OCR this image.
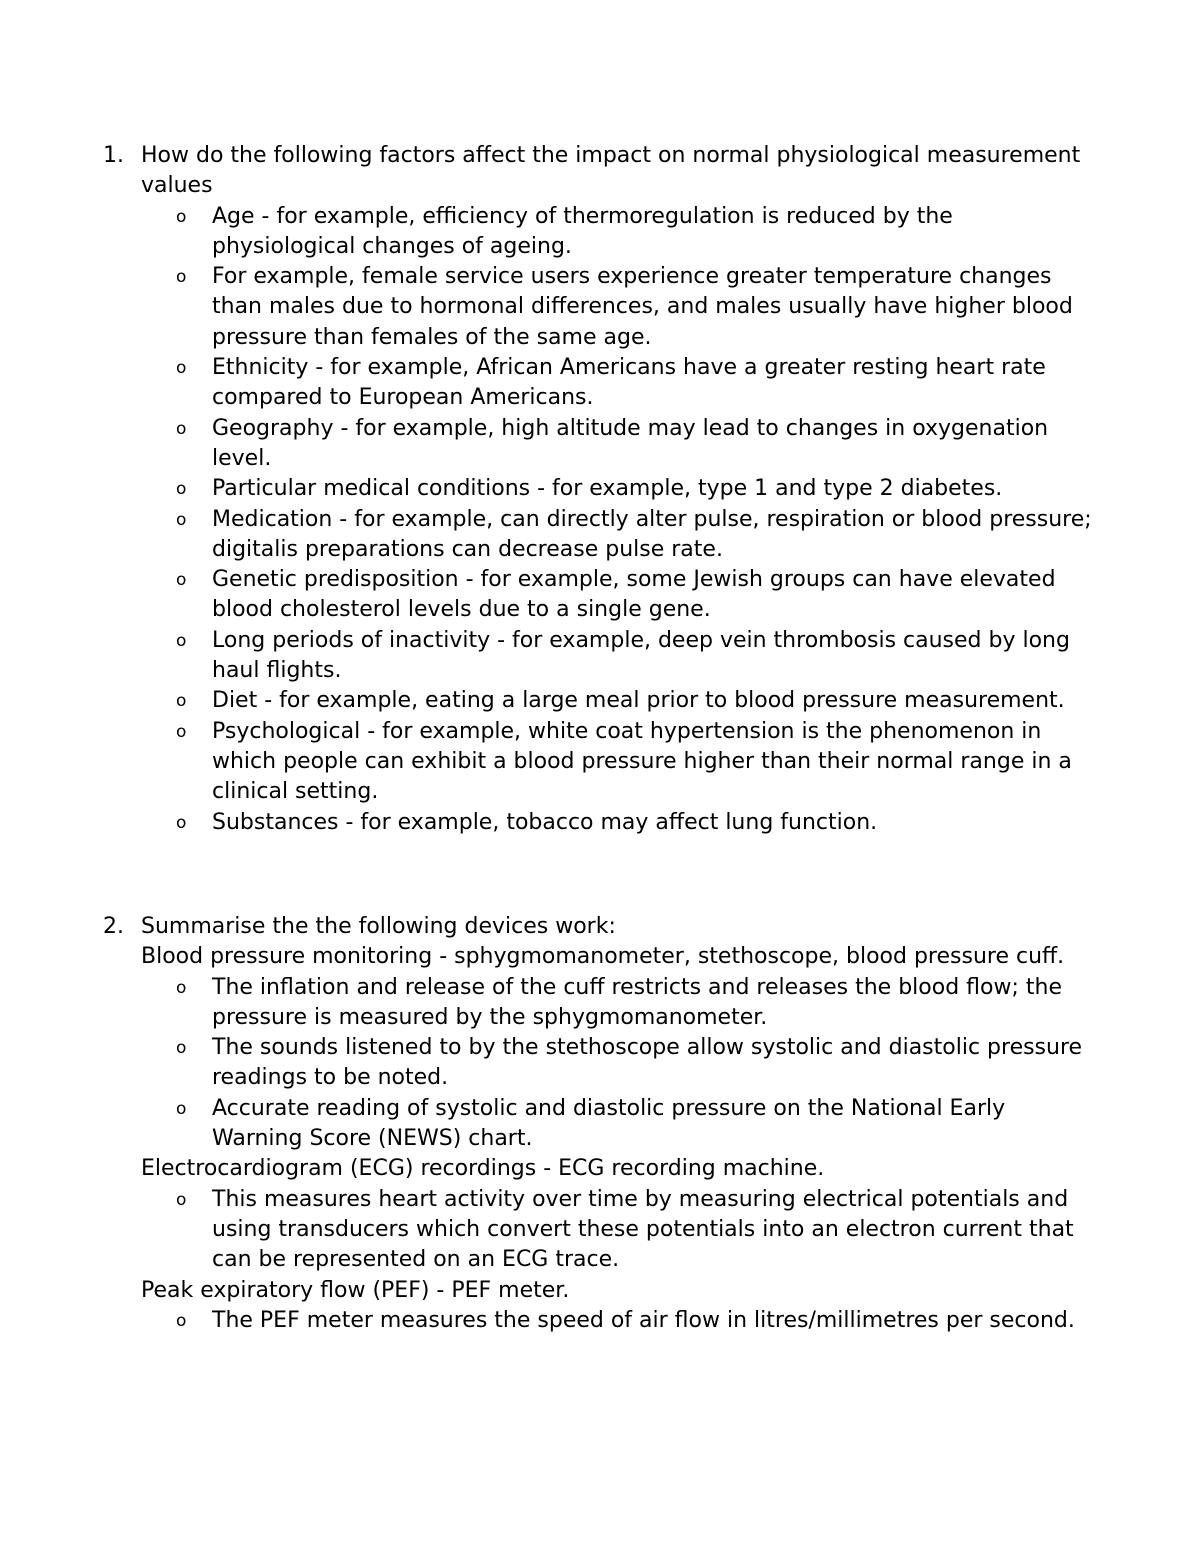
1. How do the following factors affect the impact on normal physiological measurement values
o Age - for example, efficiency of thermoregulation is reduced by the physiological changes of ageing.
o For example, female service users experience greater temperature changes than males due to hormonal differences, and males usually have higher blood pressure than females of the same age.
o Ethnicity - for example, African Americans have a greater resting heart rate compared to European Americans.
o Geography - for example, high altitude may lead to changes in oxygenation level.
o Particular medical conditions - for example, type 1 and type 2 diabetes.
o Medication - for example, can directly alter pulse, respiration or blood pressure; digitalis preparations can decrease pulse rate.
o Genetic predisposition - for example, some Jewish groups can have elevated blood cholesterol levels due to a single gene.
o Long periods of inactivity - for example, deep vein thrombosis caused by long haul flights.
o Diet - for example, eating a large meal prior to blood pressure measurement.
o Psychological - for example, white coat hypertension is the phenomenon in which people can exhibit a blood pressure higher than their normal range in a clinical setting.
o Substances - for example, tobacco may affect lung function.
2. Summarise the the following devices work:
Blood pressure monitoring - sphygmomanometer, stethoscope, blood pressure cuff.
o The inflation and release of the cuff restricts and releases the blood flow; the pressure is measured by the sphygmomanometer.
o The sounds listened to by the stethoscope allow systolic and diastolic pressure readings to be noted.
o Accurate reading of systolic and diastolic pressure on the National Early Warning Score (NEWS) chart.
Electrocardiogram (ECG) recordings - ECG recording machine.
o This measures heart activity over time by measuring electrical potentials and using transducers which convert these potentials into an electron current that can be represented on an ECG trace.
Peak expiratory flow (PEF) - PEF meter.
o The PEF meter measures the speed of air flow in litres/millimetres per second.
